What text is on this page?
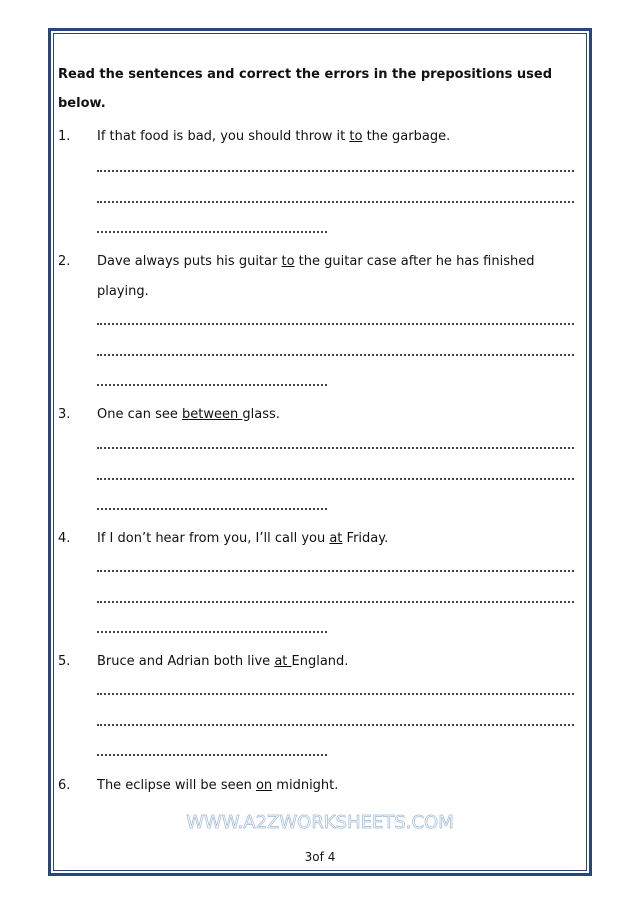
Read the sentences and correct the errors in the prepositions used
below.
1. If that food is bad, you should throw it to the garbage.
2. Dave always puts his guitar to the guitar case after he has finished
playing.
3. One can see between glass.
4. If I don’t hear from you, I’ll call you at Friday.
5. Bruce and Adrian both live at England.
6. The eclipse will be seen on midnight.
WWW.A2ZWORKSHEETS.COM
3of 4
